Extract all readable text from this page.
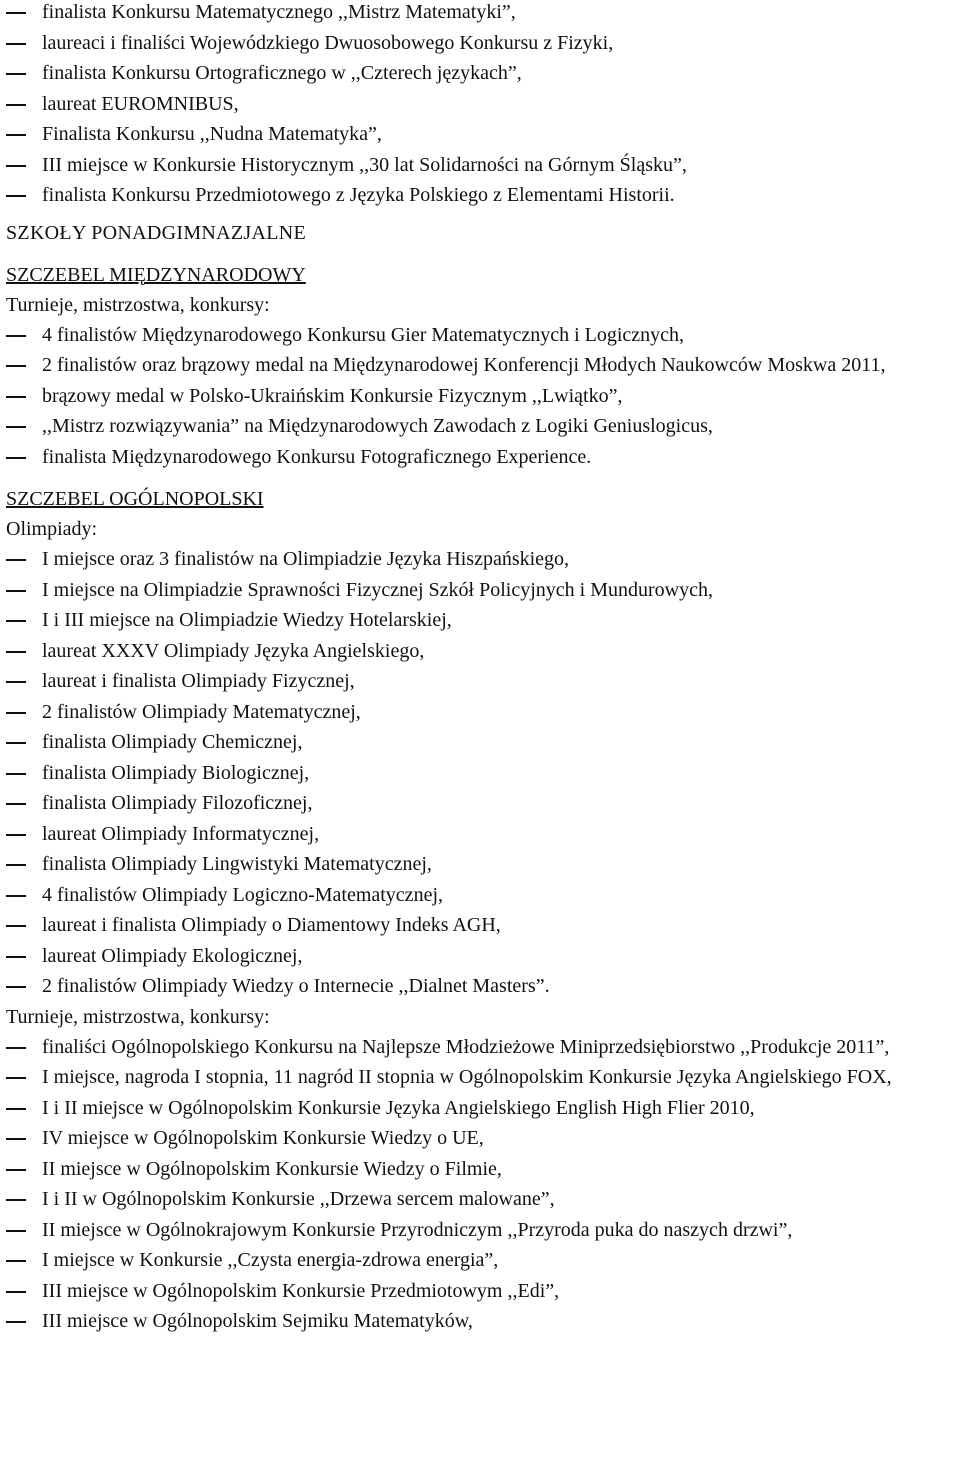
finalista Konkursu Matematycznego ,,Mistrz Matematyki”,
laureaci i finaliści Wojewódzkiego Dwuosobowego Konkursu z Fizyki,
finalista Konkursu Ortograficznego w ,,Czterech językach”,
laureat EUROMNIBUS,
Finalista Konkursu ,,Nudna Matematyka”,
III miejsce w Konkursie Historycznym ,,30 lat Solidarności na Górnym Śląsku”,
finalista Konkursu Przedmiotowego z Języka Polskiego z Elementami Historii.
SZKOŁY PONADGIMNAZJALNE
SZCZEBEL MIĘDZYNARODOWY
Turnieje, mistrzostwa, konkursy:
4 finalistów Międzynarodowego Konkursu Gier Matematycznych i Logicznych,
2 finalistów oraz brązowy medal na Międzynarodowej Konferencji Młodych Naukowców Moskwa 2011,
brązowy medal w Polsko-Ukraińskim Konkursie Fizycznym ,,Lwiątko”,
,,Mistrz rozwiązywania” na Międzynarodowych Zawodach z Logiki Geniuslogicus,
finalista Międzynarodowego Konkursu Fotograficznego Experience.
SZCZEBEL OGÓLNOPOLSKI
Olimpiady:
I miejsce oraz 3 finalistów na Olimpiadzie Języka Hiszpańskiego,
I miejsce na Olimpiadzie Sprawności Fizycznej Szkół Policyjnych i Mundurowych,
I i III miejsce na Olimpiadzie Wiedzy Hotelarskiej,
laureat XXXV Olimpiady Języka Angielskiego,
laureat i finalista Olimpiady Fizycznej,
2 finalistów Olimpiady Matematycznej,
finalista Olimpiady Chemicznej,
finalista Olimpiady Biologicznej,
finalista Olimpiady Filozoficznej,
laureat Olimpiady Informatycznej,
finalista Olimpiady Lingwistyki Matematycznej,
4 finalistów Olimpiady Logiczno-Matematycznej,
laureat i finalista Olimpiady o Diamentowy Indeks AGH,
laureat Olimpiady Ekologicznej,
2 finalistów Olimpiady Wiedzy o Internecie ,,Dialnet Masters”.
Turnieje, mistrzostwa, konkursy:
finaliści Ogólnopolskiego Konkursu na Najlepsze Młodzieżowe Miniprzedsiębiorstwo ,,Produkcje 2011”,
I miejsce, nagroda I stopnia, 11 nagród II stopnia w Ogólnopolskim Konkursie Języka Angielskiego FOX,
I i II miejsce w Ogólnopolskim Konkursie Języka Angielskiego English High Flier 2010,
IV miejsce w Ogólnopolskim Konkursie Wiedzy o UE,
II miejsce w Ogólnopolskim Konkursie Wiedzy o Filmie,
I i II w Ogólnopolskim Konkursie ,,Drzewa sercem malowane”,
II miejsce w Ogólnokrajowym Konkursie Przyrodniczym ,,Przyroda puka do naszych drzwi”,
I miejsce w Konkursie ,,Czysta energia-zdrowa energia”,
III miejsce w Ogólnopolskim Konkursie Przedmiotowym ,,Edi”,
III miejsce w Ogólnopolskim Sejmiku Matematyków,
